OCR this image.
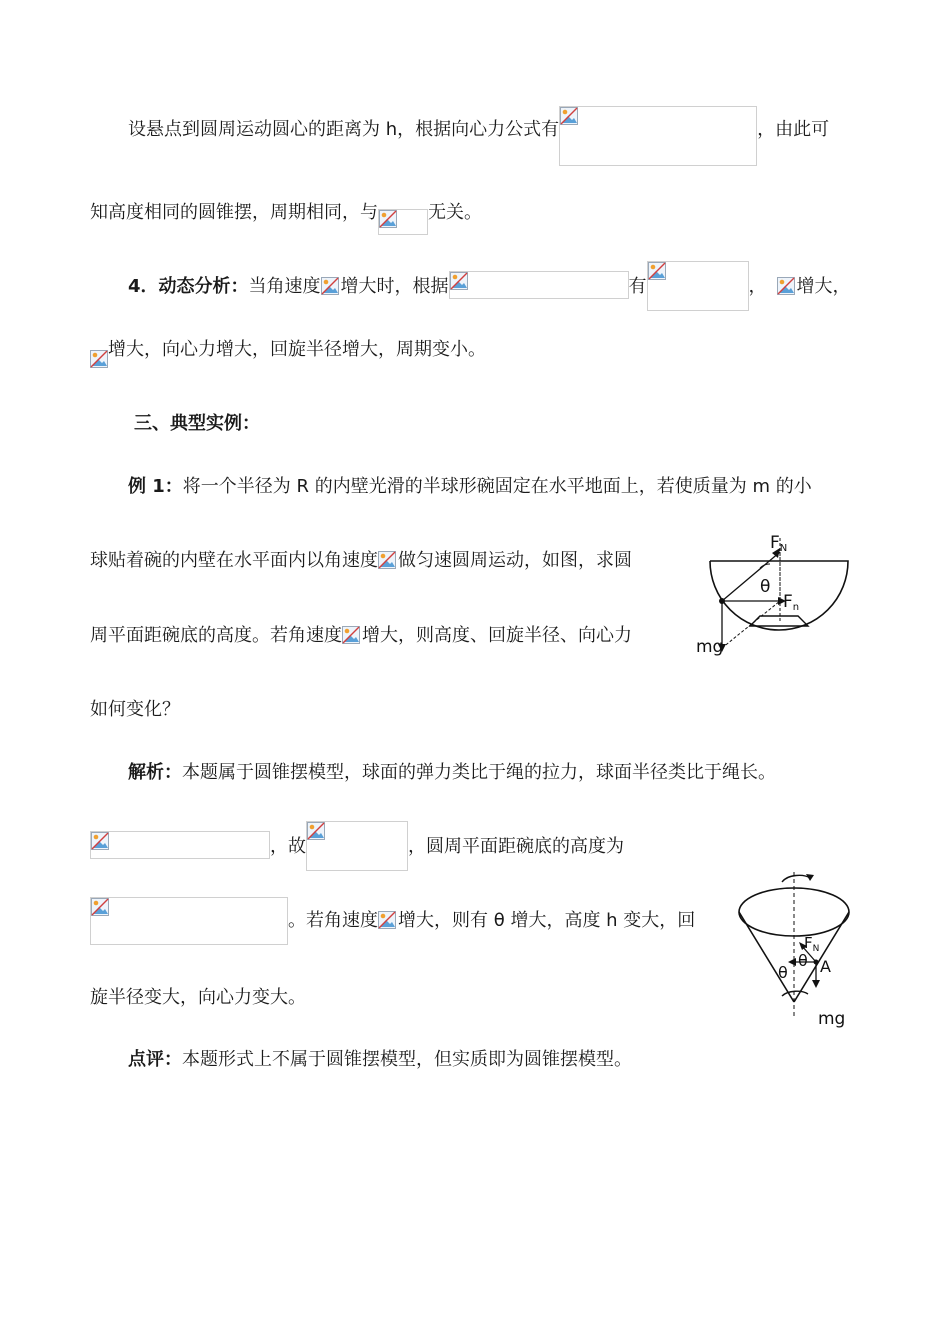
设悬点到圆周运动圆心的距离为 h，根据向心力公式有	，由此可
知高度相同的圆锥摆，周期相同，与	无关。
4．动态分析：当角速度 增大时，根据	有	， 增大，
增大，向心力增大，回旋半径增大，周期变小。
三、典型实例：
例 1：将一个半径为 R 的内壁光滑的半球形碗固定在水平地面上，若使质量为 m 的小
球贴着碗的内壁在水平面内以角速度 做匀速圆周运动，如图，求圆
周平面距碗底的高度。若角速度 增大，则高度、回旋半径、向心力
如何变化？
FN
θ
Fn
mg
解析：本题属于圆锥摆模型，球面的弹力类比于绳的拉力，球面半径类比于绳长。
，故	，圆周平面距碗底的高度为
。若角速度 增大，则有 θ 增大，高度 h 变大，回
旋半径变大，向心力变大。
$F_N$
θ
θ A
mg
点评：本题形式上不属于圆锥摆模型，但实质即为圆锥摆模型。
